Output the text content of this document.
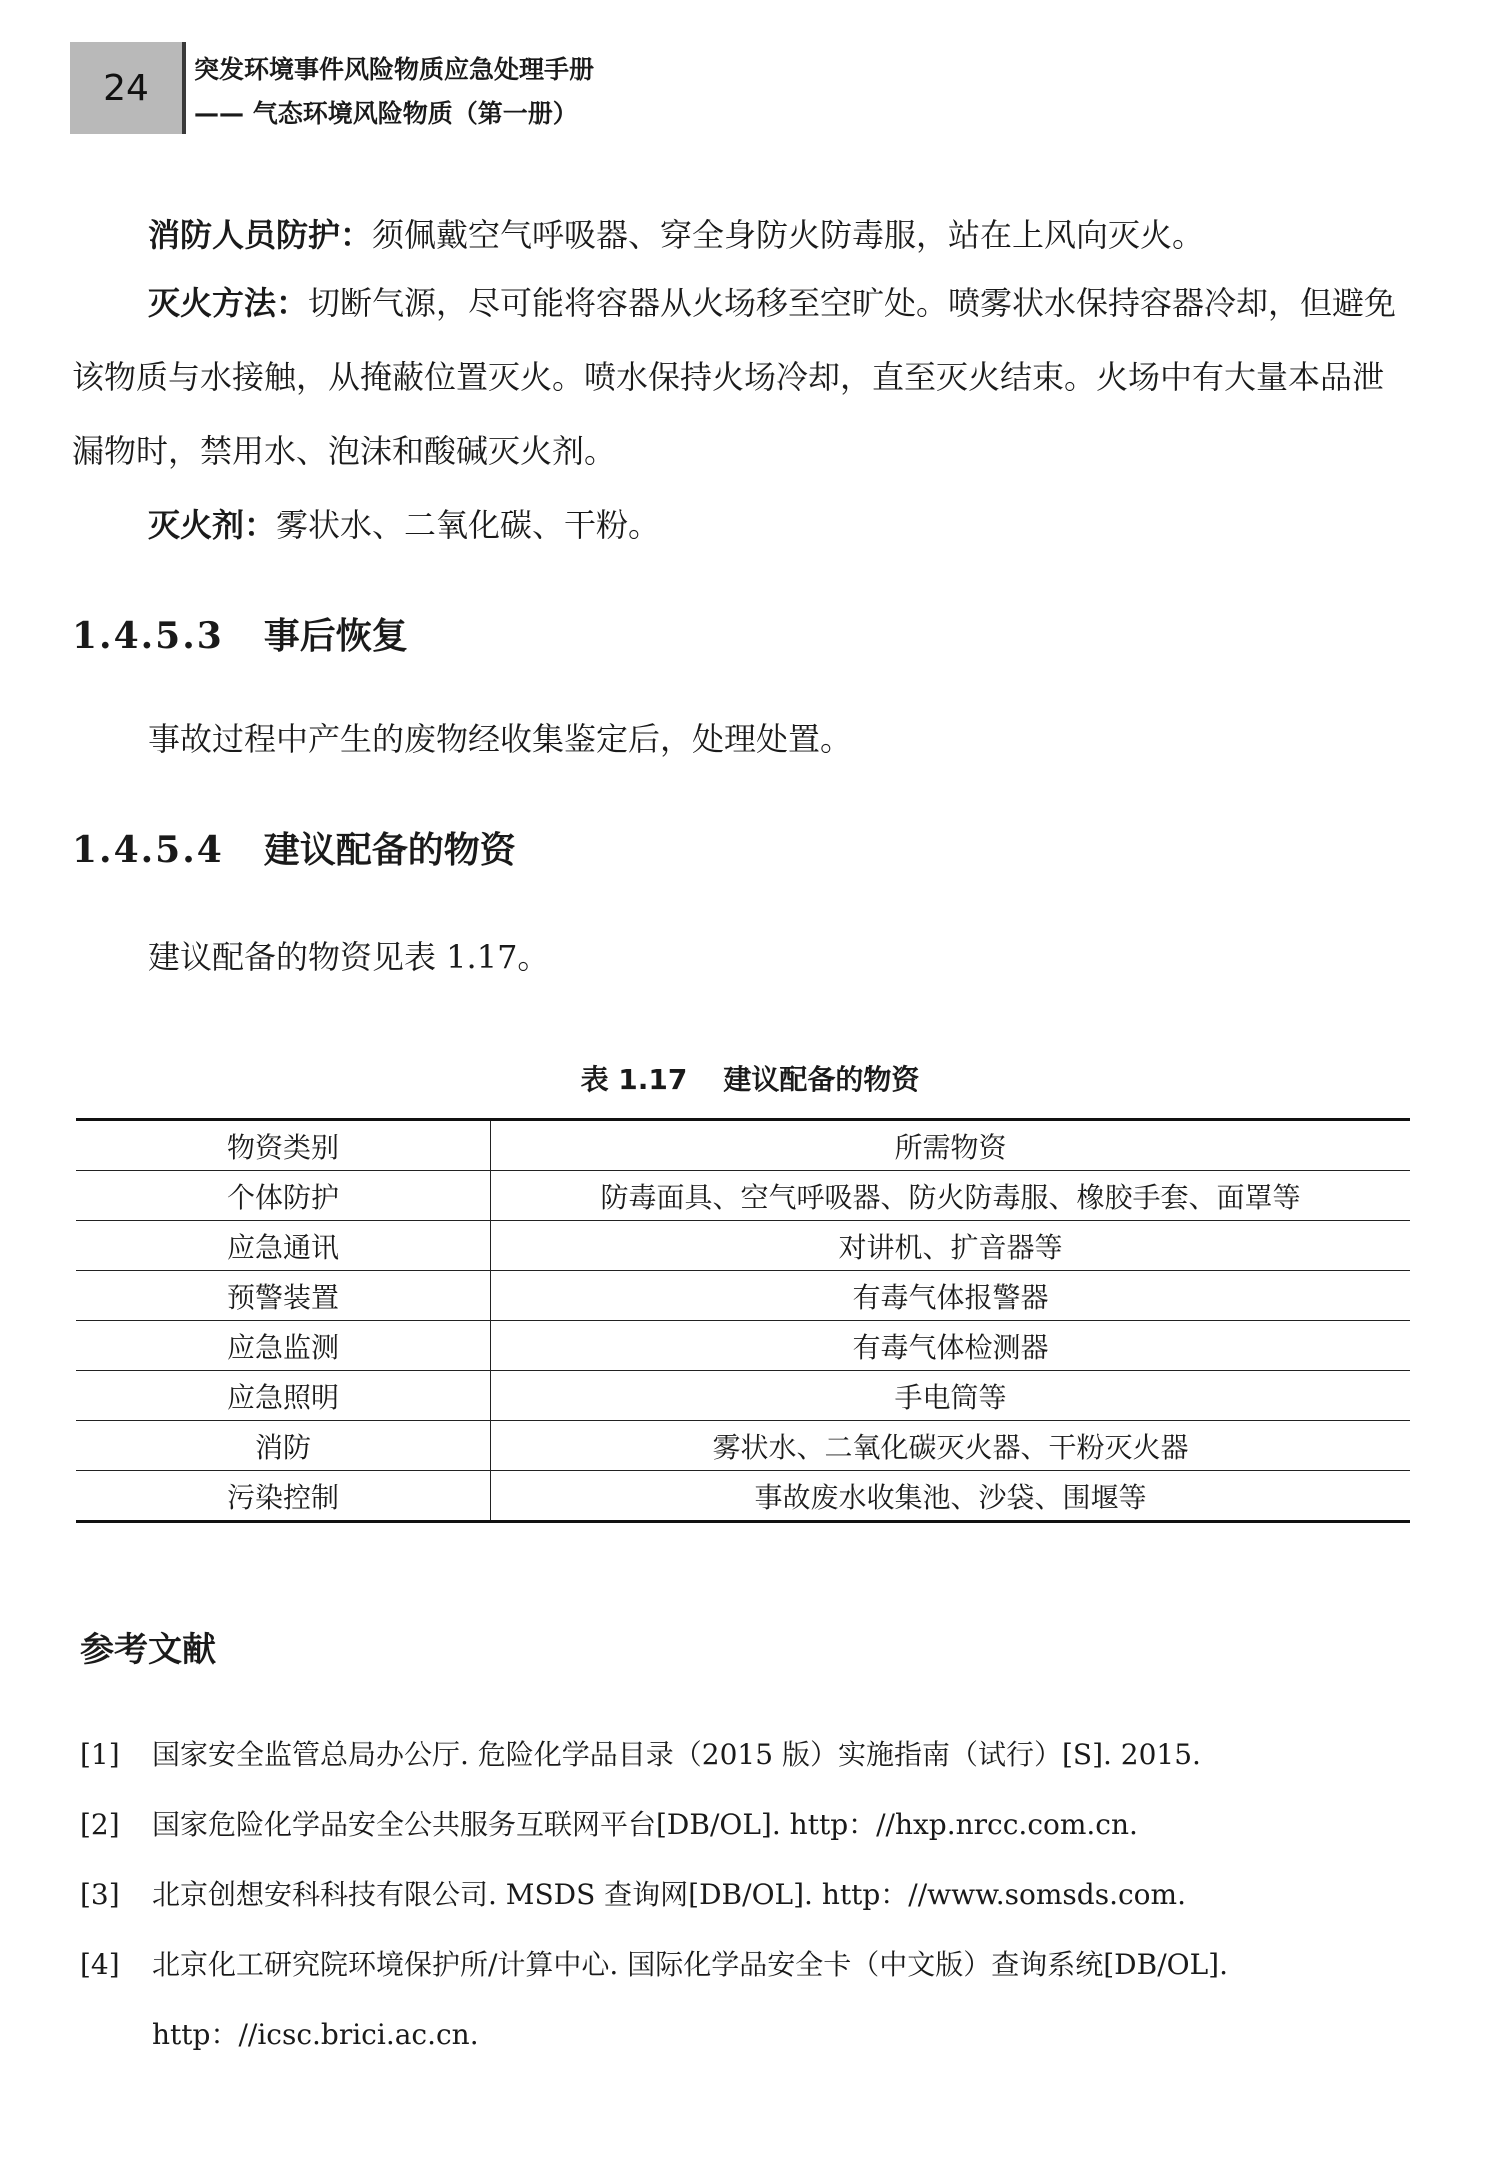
24	突发环境事件风险物质应急处理手册
—— 气态环境风险物质（第一册）

消防人员防护：须佩戴空气呼吸器、穿全身防火防毒服，站在上风向灭火。

灭火方法：切断气源，尽可能将容器从火场移至空旷处。喷雾状水保持容器冷却，但避免该物质与水接触，从掩蔽位置灭火。喷水保持火场冷却，直至灭火结束。火场中有大量本品泄漏物时，禁用水、泡沫和酸碱灭火剂。

灭火剂：雾状水、二氧化碳、干粉。

1.4.5.3 事后恢复

事故过程中产生的废物经收集鉴定后，处理处置。

1.4.5.4 建议配备的物资

建议配备的物资见表 1.17。

表 1.17 建议配备的物资
物资类别	所需物资
个体防护	防毒面具、空气呼吸器、防火防毒服、橡胶手套、面罩等
应急通讯	对讲机、扩音器等
预警装置	有毒气体报警器
应急监测	有毒气体检测器
应急照明	手电筒等
消防	雾状水、二氧化碳灭火器、干粉灭火器
污染控制	事故废水收集池、沙袋、围堰等
参考文献
[1]	国家安全监管总局办公厅. 危险化学品目录（2015 版）实施指南（试行）[S]. 2015.
[2]	国家危险化学品安全公共服务互联网平台[DB/OL]. http：//hxp.nrcc.com.cn.
[3]	北京创想安科科技有限公司. MSDS 查询网[DB/OL]. http：//www.somsds.com.
[4]	北京化工研究院环境保护所/计算中心. 国际化学品安全卡（中文版）查询系统[DB/OL].
http：//icsc.brici.ac.cn.
